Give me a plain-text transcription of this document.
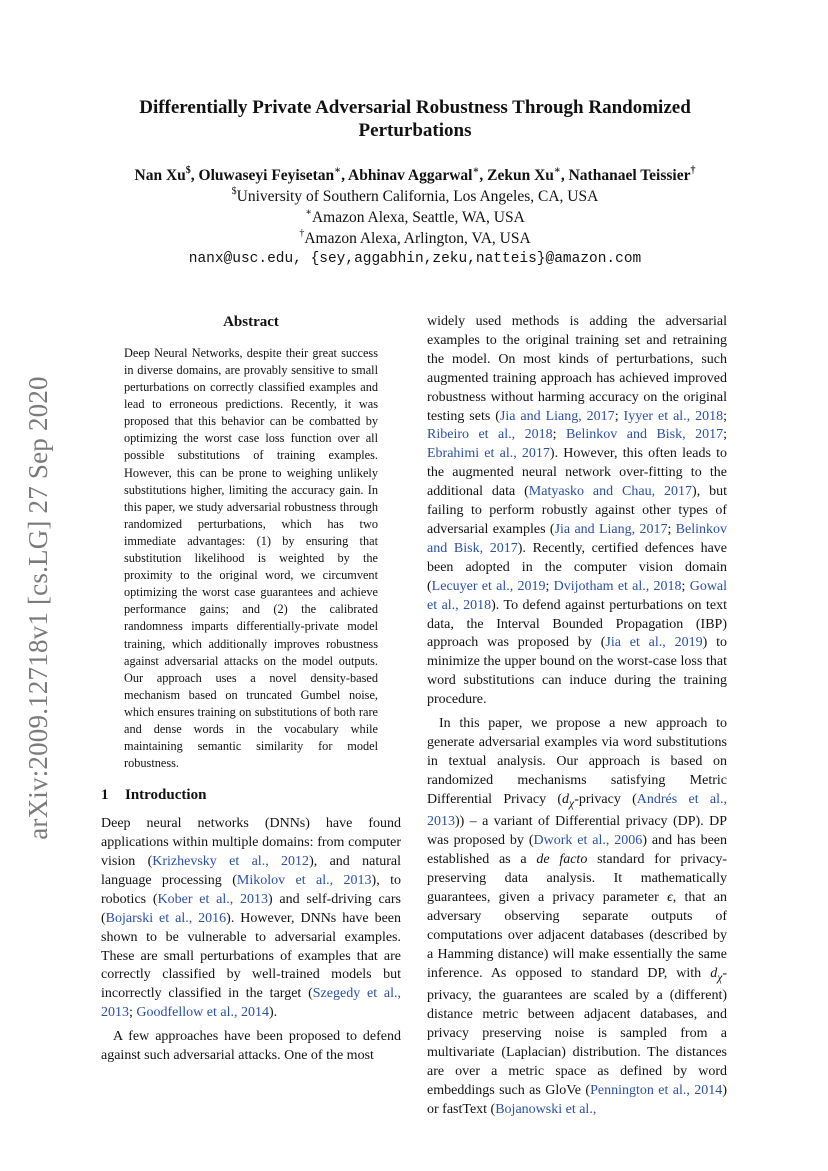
arXiv:2009.12718v1 [cs.LG] 27 Sep 2020
Differentially Private Adversarial Robustness Through Randomized
Perturbations
Nan Xu$, Oluwaseyi Feyisetan∗, Abhinav Aggarwal∗, Zekun Xu∗, Nathanael Teissier†
$University of Southern California, Los Angeles, CA, USA
∗Amazon Alexa, Seattle, WA, USA
†Amazon Alexa, Arlington, VA, USA
nanx@usc.edu, {sey,aggabhin,zeku,natteis}@amazon.com
Abstract

Deep Neural Networks, despite their great success in diverse domains, are provably sensitive to small perturbations on correctly classified examples and lead to erroneous predictions. Recently, it was proposed that this behavior can be combatted by optimizing the worst case loss function over all possible substitutions of training examples. However, this can be prone to weighing unlikely substitutions higher, limiting the accuracy gain. In this paper, we study adversarial robustness through randomized perturbations, which has two immediate advantages: (1) by ensuring that substitution likelihood is weighted by the proximity to the original word, we circumvent optimizing the worst case guarantees and achieve performance gains; and (2) the calibrated randomness imparts differentially-private model training, which additionally improves robustness against adversarial attacks on the model outputs. Our approach uses a novel density-based mechanism based on truncated Gumbel noise, which ensures training on substitutions of both rare and dense words in the vocabulary while maintaining semantic similarity for model robustness.

1 Introduction

Deep neural networks (DNNs) have found applications within multiple domains: from computer vision (Krizhevsky et al., 2012), and natural language processing (Mikolov et al., 2013), to robotics (Kober et al., 2013) and self-driving cars (Bojarski et al., 2016). However, DNNs have been shown to be vulnerable to adversarial examples. These are small perturbations of examples that are correctly classified by well-trained models but incorrectly classified in the target (Szegedy et al., 2013; Goodfellow et al., 2014).

A few approaches have been proposed to defend against such adversarial attacks. One of the most

widely used methods is adding the adversarial examples to the original training set and retraining the model. On most kinds of perturbations, such augmented training approach has achieved improved robustness without harming accuracy on the original testing sets (Jia and Liang, 2017; Iyyer et al., 2018; Ribeiro et al., 2018; Belinkov and Bisk, 2017; Ebrahimi et al., 2017). However, this often leads to the augmented neural network over-fitting to the additional data (Matyasko and Chau, 2017), but failing to perform robustly against other types of adversarial examples (Jia and Liang, 2017; Belinkov and Bisk, 2017). Recently, certified defences have been adopted in the computer vision domain (Lecuyer et al., 2019; Dvijotham et al., 2018; Gowal et al., 2018). To defend against perturbations on text data, the Interval Bounded Propagation (IBP) approach was proposed by (Jia et al., 2019) to minimize the upper bound on the worst-case loss that word substitutions can induce during the training procedure.

In this paper, we propose a new approach to generate adversarial examples via word substitutions in textual analysis. Our approach is based on randomized mechanisms satisfying Metric Differential Privacy ($d_\chi$-privacy (Andrés et al., 2013)) – a variant of Differential privacy (DP). DP was proposed by (Dwork et al., 2006) and has been established as a de facto standard for privacy-preserving data analysis. It mathematically guarantees, given a privacy parameter ϵ, that an adversary observing separate outputs of computations over adjacent databases (described by a Hamming distance) will make essentially the same inference. As opposed to standard DP, with $d_\chi$-privacy, the guarantees are scaled by a (different) distance metric between adjacent databases, and privacy preserving noise is sampled from a multivariate (Laplacian) distribution. The distances are over a metric space as defined by word embeddings such as GloVe (Pennington et al., 2014) or fastText (Bojanowski et al.,
